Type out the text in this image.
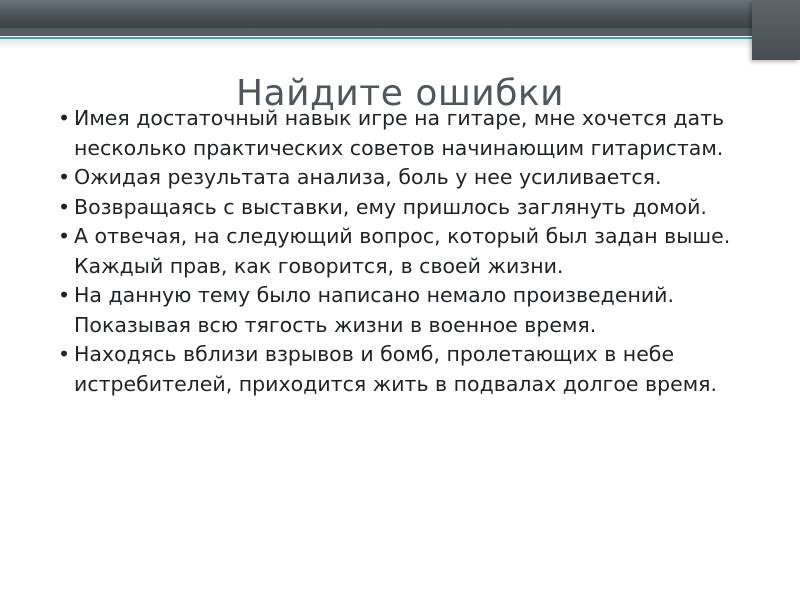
Найдите ошибки
• Имея достаточный навык игре на гитаре, мне хочется дать несколько практических советов начинающим гитаристам.
• Ожидая результата анализа, боль у нее усиливается.
• Возвращаясь с выставки, ему пришлось заглянуть домой.
• А отвечая, на следующий вопрос, который был задан выше. Каждый прав, как говорится, в своей жизни.
• На данную тему было написано немало произведений. Показывая всю тягость жизни в военное время.
• Находясь вблизи взрывов и бомб, пролетающих в небе истребителей, приходится жить в подвалах долгое время.
